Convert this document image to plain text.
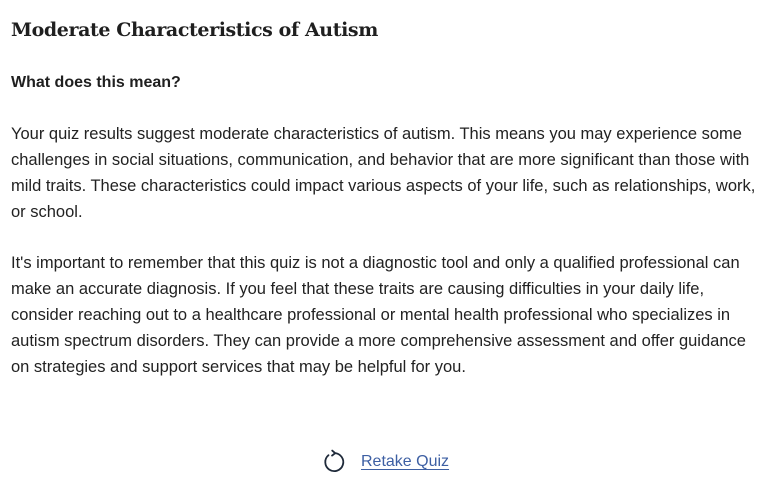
Moderate Characteristics of Autism
What does this mean?

Your quiz results suggest moderate characteristics of autism. This means you may experience some challenges in social situations, communication, and behavior that are more significant than those with mild traits. These characteristics could impact various aspects of your life, such as relationships, work, or school.

It's important to remember that this quiz is not a diagnostic tool and only a qualified professional can make an accurate diagnosis. If you feel that these traits are causing difficulties in your daily life, consider reaching out to a healthcare professional or mental health professional who specializes in autism spectrum disorders. They can provide a more comprehensive assessment and offer guidance on strategies and support services that may be helpful for you.

Retake Quiz
